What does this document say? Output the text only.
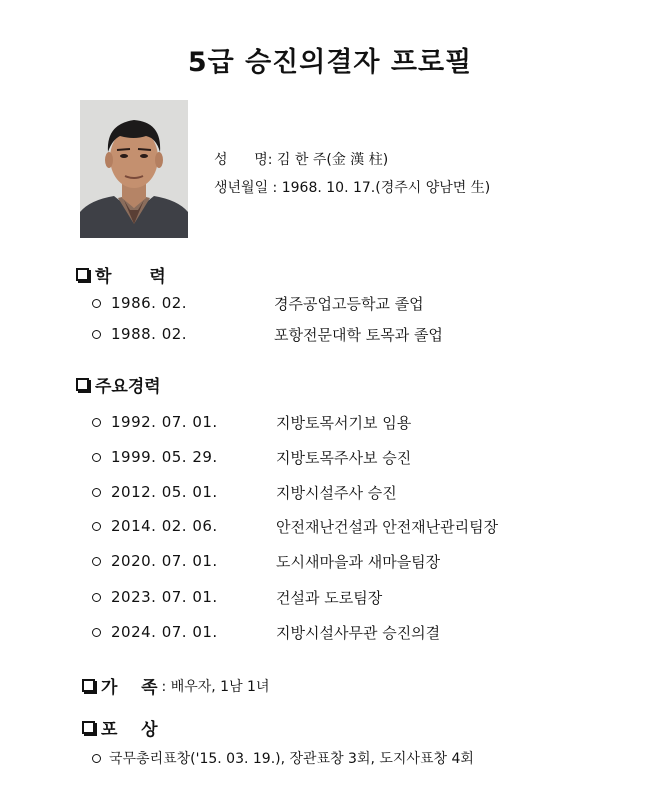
5급 승진의결자 프로필
성      명: 김 한 주(金 漢 柱)
생년월일 : 1968. 10. 17.(경주시 양남면 生)
학 력
1986. 02.	경주공업고등학교 졸업
1988. 02.	포항전문대학 토목과 졸업
주요경력
1992. 07. 01.	지방토목서기보 임용
1999. 05. 29.	지방토목주사보 승진
2012. 05. 01.	지방시설주사 승진
2014. 02. 06.	안전재난건설과 안전재난관리팀장
2020. 07. 01.	도시새마을과 새마을팀장
2023. 07. 01.	건설과 도로팀장
2024. 07. 01.	지방시설사무관 승진의결
가    족 : 배우자, 1남 1녀
포    상
국무총리표창('15. 03. 19.), 장관표창 3회, 도지사표창 4회
